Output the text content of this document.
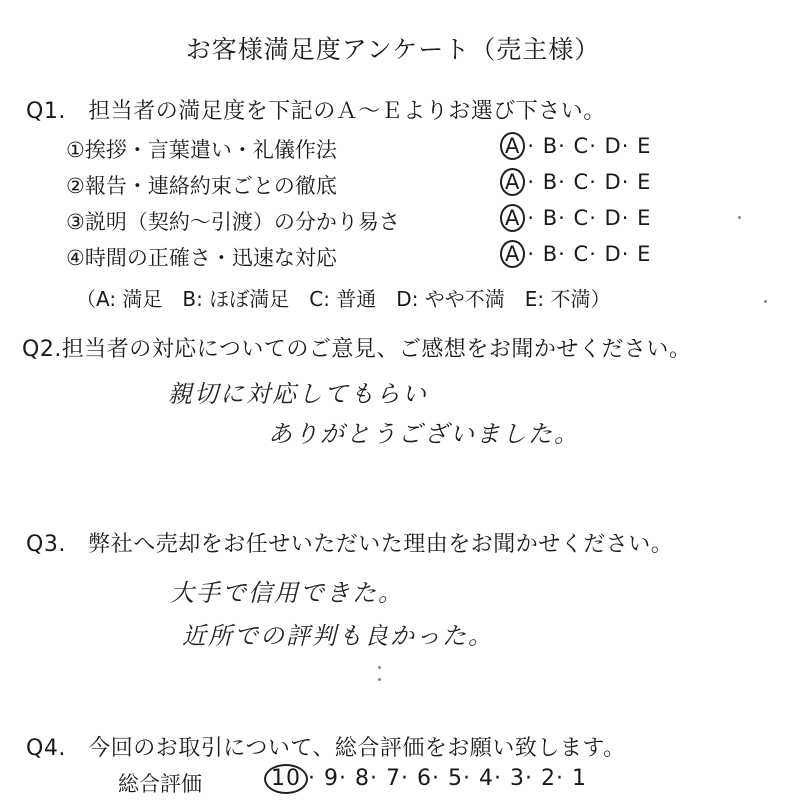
お客様満足度アンケート（売主様）
Q1.　担当者の満足度を下記のＡ～Ｅよりお選び下さい。
①挨拶・言葉遣い・礼儀作法
②報告・連絡約束ごとの徹底
③説明（契約～引渡）の分かり易さ
④時間の正確さ・迅速な対応
A · B· C· D· E
A · B· C· D· E
A · B· C· D· E
A · B· C· D· E
（A: 満足　B: ほぼ満足　C: 普通　D: やや不満　E: 不満）
Q2.担当者の対応についてのご意見、ご感想をお聞かせください。
親切に対応してもらい
ありがとうございました。
Q3.　弊社へ売却をお任せいただいた理由をお聞かせください。
大手で信用できた。
近所での評判も良かった。
Q4.　今回のお取引について、総合評価をお願い致します。
総合評価	10 · 9· 8· 7· 6· 5· 4· 3· 2· 1
